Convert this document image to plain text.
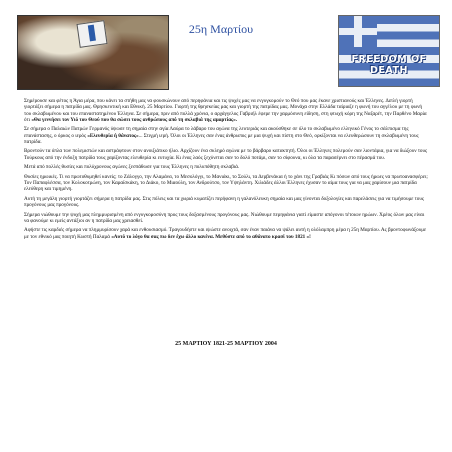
25η Μαρτίου
FREEDOM OF DEATH

Σημέρουσε και φέτος η Άγια μέρα, που κάνει τα στήθη μας να φουσκώνουν από περηφάνια και τις ψυχές μας να ενγυγκομούν το Θεό που μας έκανε χριστιανούς και Έλληνες. Διπλή γιορτή γιορτάζει σήμερα η πατρίδα μας. Θρησκευτική και Εθνική. 25 Μαρτίου. Γιορτή της θρησκείας μας και γιορτή της πατρίδας μας. Μονάχα στην Ελλάδα ταίριαζε η φωνή του αγγέλου με τη φωνή του σκλαβωμένου και του επαναστατημένου Έλληνα. Σε σήμερα, πριν από πολλά χρόνια, ο αρχάγγελος Γαβριήλ έφερε την χαρμόσυνη είδηση, στη φτωχή κόρη της Ναζαρέτ, την Παρθένο Μαρία ότι «Θα γεννήσει τον Υιό του Θεού που θα σώσει τους ανθρώπους από τη σκλαβιά της αμαρτίας».

Σε σήμερα ο Παλαιών Πατρών Γερμανός ύψωσε τη σημαία στην αγία Λαύρα το λάβαρο του αγώνα της λευτεριάς και ακούσθηκε σε όλο το σκλαβωμένο ελληνικό Γένος το σάλπισμα της επανάστασης, ο όρκος ο ιερός «Ελευθερία ή θάνατος»... Στιγμή ιερή. Όλοι οι Έλληνες σαν ένας άνθρωπος με μια ψυχή και πίστη στο Θεό, ορκίζονται να ελευθερώσουν τη σκλαβωμένη τους πατρίδα.

Βροντούν τα όπλα των πολεμιστών και αστράφτουν στον ανοιξιάτικο ήλιο. Αρχίζουν ένα σκληρό αγώνα με το βάρβαρο κατακτητή. Όλοι οι Έλληνες πολεμούν σαν λιοντάρια, για να διώξουν τους Τούρκους από την ένδοξη πατρίδα τους χαρίζοντας ελευθερία κι ευτυχία. Κι ένας λαός ξεχύνεται σαν το δολό ποτάμι, σαν το σίφουνα, κι όλα τα παρασέρνει στο πέρασμά του.

Μετά από πολλές θυσίες και πολύχρονους αγώνες ξεσπάθωσε για τους Έλληνες η πολυπόθητη σκλαβιά.

Θυσίες ηρωικές. Τι να πρωτοθυμηθεί κανείς; το Ζάλογγο, την Αλαμάνα, το Μεσολόγγι, το Μανιάκι, το Σούλι, τα Δερβενάκια ή το χάνι της Γραβιάς Κι πόσων από τους ήρωες να πρωτοανασφέρει; Τον Παπαφλέσσα, τον Κολοκοτρώνη, τον Καραϊσκάκη, το Διάκο, το Μιαούλη, τον Ανδρούτσο, τον Υψηλάντη. Χιλιάδες άλλοι Έλληνες έχυσαν το αίμα τους για να μας χαρίσουν μια πατρίδα ελεύθερη και τιμημένη.

Αυτή τη μεγάλη γιορτή γιορτάζει σήμερα η πατρίδα μας. Στις πόλεις και τα χωριά κυματίζει περήφανη η γαλανόλευκη σημαία και μας γίνονται δοξολογίες και παρελάσεις για να τιμήσουμε τους προγόνους μας προγόνους.

Σήμερα νιώθουμε την ψυχή μας πλημμυρισμένη από ενγυγκομοσύνη προς τους δοξασμένους προγόνους μας. Νιώθουμε περηφάνια γιατί είμαστε απόγονοι τέτοιων ηρώων. Χρέος όλων μας είναι να φανούμε κι εμείς αντάξιοι αν η πατρίδα μας χρειασθεί.

Αφήστε τις καρδιές σήμερα να πλημμυρίσουν χαρά και ενθουσιασμό. Τραγουδήστε και ιψώστε ανοιχτά, σαν έναν παιάνα να ψάλει αυτή η ολόλαμπρη μέρα η 25η Μαρτίου. Ας βροντοφωνάξουμε με τον εθνικό μας ποιητή Κωστή Παλαμά «Αυτό το λόγο θα σας πω δεν έχω άλλο κανένα. Μεθύστε από το αθάνατο κρασί του 1821 »!

25 ΜΑΡΤΙΟΥ 1821-25 ΜΑΡΤΙΟΥ 2004
